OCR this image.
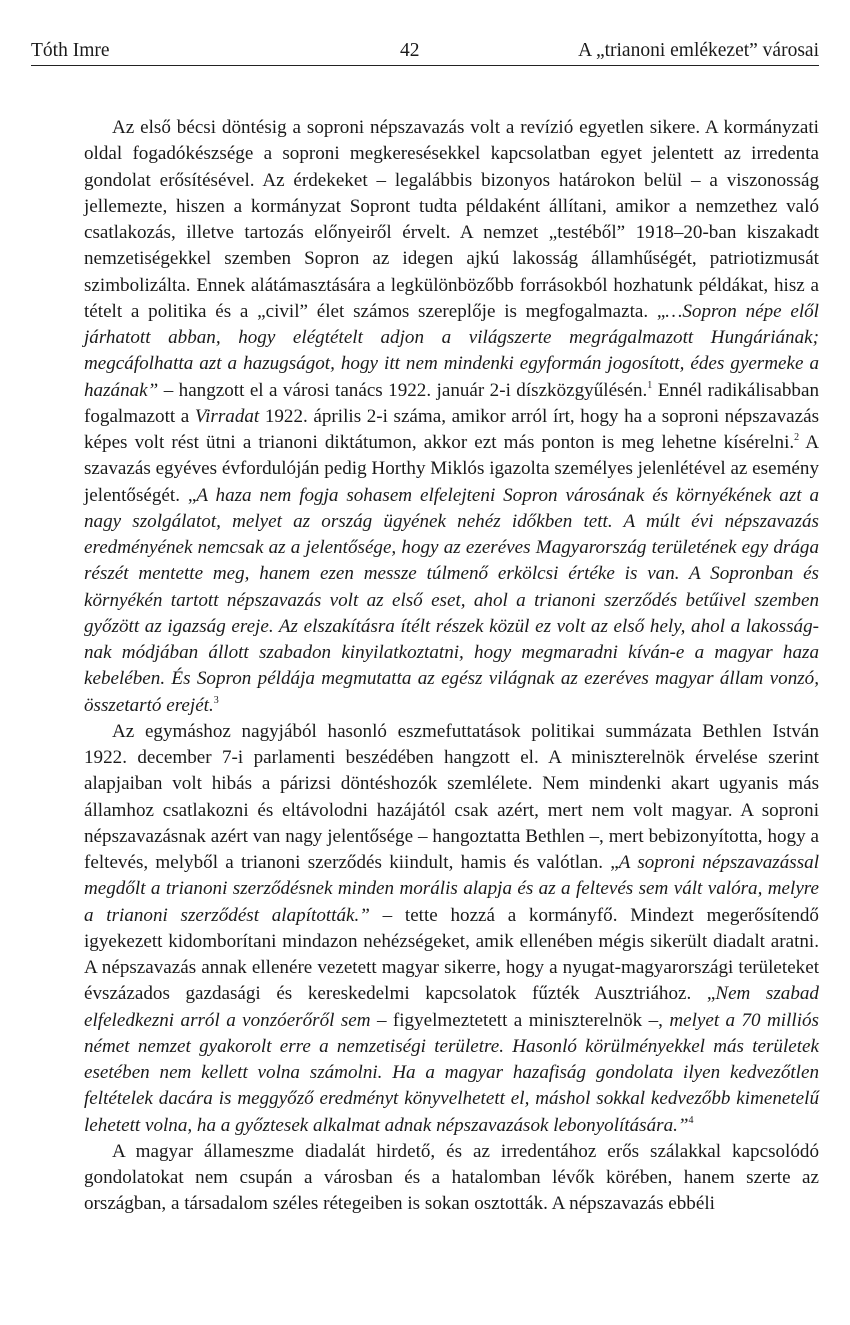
Tóth Imre	42	A „trianoni emlékezet” városai

Az első bécsi döntésig a soproni népszavazás volt a revízió egyetlen sikere. A kormányzati oldal fogadókészsége a soproni megkeresésekkel kapcsolatban egyet jelentett az irredenta gondolat erősítésével. Az érdekeket – legalábbis bizonyos határokon belül – a viszonosság jellemezte, hiszen a kormányzat Sopront tudta példaként állítani, amikor a nemzethez való csatlakozás, illetve tartozás előnyeiről érvelt. A nemzet „testéből” 1918–20-ban kiszakadt nemzetiségekkel szemben Sopron az idegen ajkú lakosság államhűségét, patriotizmusát szimbolizálta. Ennek alátámasztására a legkülönbözőbb forrásokból hozhatunk példákat, hisz a tételt a politika és a „civil” élet számos szereplője is megfogalmazta. „…Sopron népe elől járhatott abban, hogy elégtételt adjon a világszerte megrágalmazott Hungáriának; megcáfolhatta azt a hazugságot, hogy itt nem mindenki egyformán jogosított, édes gyermeke a hazának” – hangzott el a városi tanács 1922. január 2-i díszközgyűlésén.$^1$ Ennél radikálisabban fogalmazott a Virradat 1922. április 2-i száma, amikor arról írt, hogy ha a soproni népszavazás képes volt rést ütni a trianoni diktátumon, akkor ezt más ponton is meg lehetne kísérelni.$^2$ A szavazás egyéves évfordulóján pedig Horthy Miklós igazolta személyes jelenlétével az esemény jelentőségét. „A haza nem fogja sohasem elfelejteni Sopron városának és környékének azt a nagy szolgálatot, melyet az ország ügyének nehéz időkben tett. A múlt évi népszavazás eredményének nemcsak az a jelentősége, hogy az ezeréves Magyarország területének egy drága részét mentette meg, hanem ezen messze túlmenő erkölcsi értéke is van. A Sopronban és környékén tartott népszavazás volt az első eset, ahol a trianoni szerződés betűivel szemben győzött az igazság ereje. Az elszakításra ítélt részek közül ez volt az első hely, ahol a lakosságnak módjában állott szabadon kinyilatkoztatni, hogy megmaradni kíván-e a magyar haza kebelében. És Sopron példája megmutatta az egész világnak az ezeréves magyar állam vonzó, összetartó erejét.$^3$

Az egymáshoz nagyjából hasonló eszmefuttatások politikai summázata Bethlen István 1922. december 7-i parlamenti beszédében hangzott el. A miniszterelnök érvelése szerint alapjaiban volt hibás a párizsi döntéshozók szemlélete. Nem mindenki akart ugyanis más államhoz csatlakozni és eltávolodni hazájától csak azért, mert nem volt magyar. A soproni népszavazásnak azért van nagy jelentősége – hangoztatta Bethlen –, mert bebizonyította, hogy a feltevés, melyből a trianoni szerződés kiindult, hamis és valótlan. „A soproni népszavazással megdőlt a trianoni szerződésnek minden morális alapja és az a feltevés sem vált valóra, melyre a trianoni szerződést alapították.” – tette hozzá a kormányfő. Mindezt megerősítendő igyekezett kidomborítani mindazon nehézségeket, amik ellenében mégis sikerült diadalt aratni. A népszavazás annak ellenére vezetett magyar sikerre, hogy a nyugat-magyarországi területeket évszázados gazdasági és kereskedelmi kapcsolatok fűzték Ausztriához. „Nem szabad elfeledkezni arról a vonzóerőről sem – figyelmeztetett a miniszterelnök –, melyet a 70 milliós német nemzet gyakorolt erre a nemzetiségi területre. Hasonló körülményekkel más területek esetében nem kellett volna számolni. Ha a magyar hazafiság gondolata ilyen kedvezőtlen feltételek dacára is meggyőző eredményt könyvelhetett el, máshol sokkal kedvezőbb kimenetelű lehetett volna, ha a győztesek alkalmat adnak népszavazások lebonyolítására.”$^4$

A magyar állameszme diadalát hirdető, és az irredentához erős szálakkal kapcsolódó gondolatokat nem csupán a városban és a hatalomban lévők körében, hanem szerte az országban, a társadalom széles rétegeiben is sokan osztották. A népszavazás ebbéli
